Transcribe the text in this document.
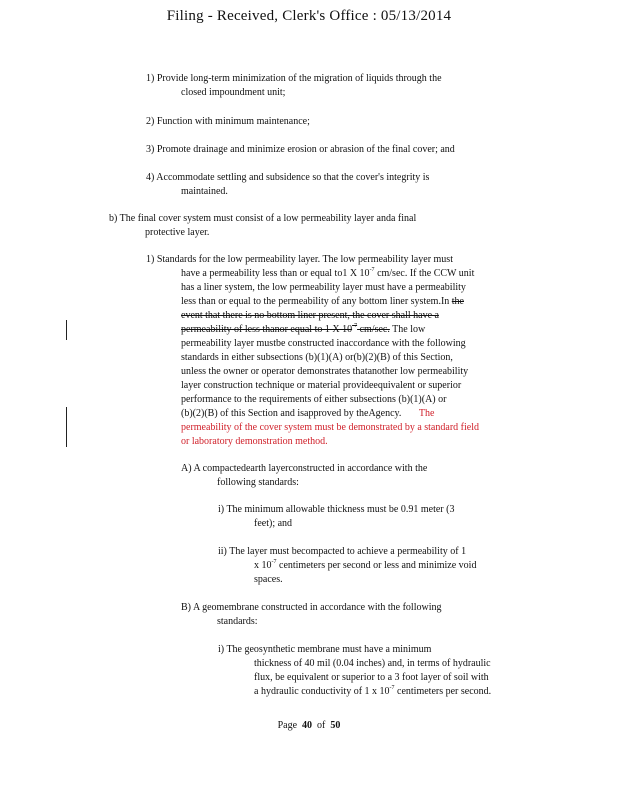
Filing - Received, Clerk's Office : 05/13/2014
1) Provide long-term minimization of the migration of liquids through the
closed impoundment unit;
2) Function with minimum maintenance;
3) Promote drainage and minimize erosion or abrasion of the final cover; and
4) Accommodate settling and subsidence so that the cover's integrity is
maintained.
b) The final cover system must consist of a low permeability layer anda final
protective layer.
1) Standards for the low permeability layer. The low permeability layer must
have a permeability less than or equal to1 X $10^{-7}$ cm/sec. If the CCW unit
has a liner system, the low permeability layer must have a permeability
less than or equal to the permeability of any bottom liner system.In the
event that there is no bottom liner present, the cover shall have a
permeability of less thanor equal to 1 X $10^{-7}$ cm/sec. The low
permeability layer mustbe constructed inaccordance with the following
standards in either subsections (b)(1)(A) or(b)(2)(B) of this Section,
unless the owner or operator demonstrates thatanother low permeability
layer construction technique or material provideequivalent or superior
performance to the requirements of either subsections (b)(1)(A) or
(b)(2)(B) of this Section and isapproved by theAgency. The
permeability of the cover system must be demonstrated by a standard field
or laboratory demonstration method.
A) A compactedearth layerconstructed in accordance with the
following standards:
i) The minimum allowable thickness must be 0.91 meter (3
feet); and
ii) The layer must becompacted to achieve a permeability of 1
x $10^{-7}$ centimeters per second or less and minimize void
spaces.
B) A geomembrane constructed in accordance with the following
standards:
i) The geosynthetic membrane must have a minimum
thickness of 40 mil (0.04 inches) and, in terms of hydraulic
flux, be equivalent or superior to a 3 foot layer of soil with
a hydraulic conductivity of 1 x $10^{-7}$ centimeters per second.
Page 40 of 50
